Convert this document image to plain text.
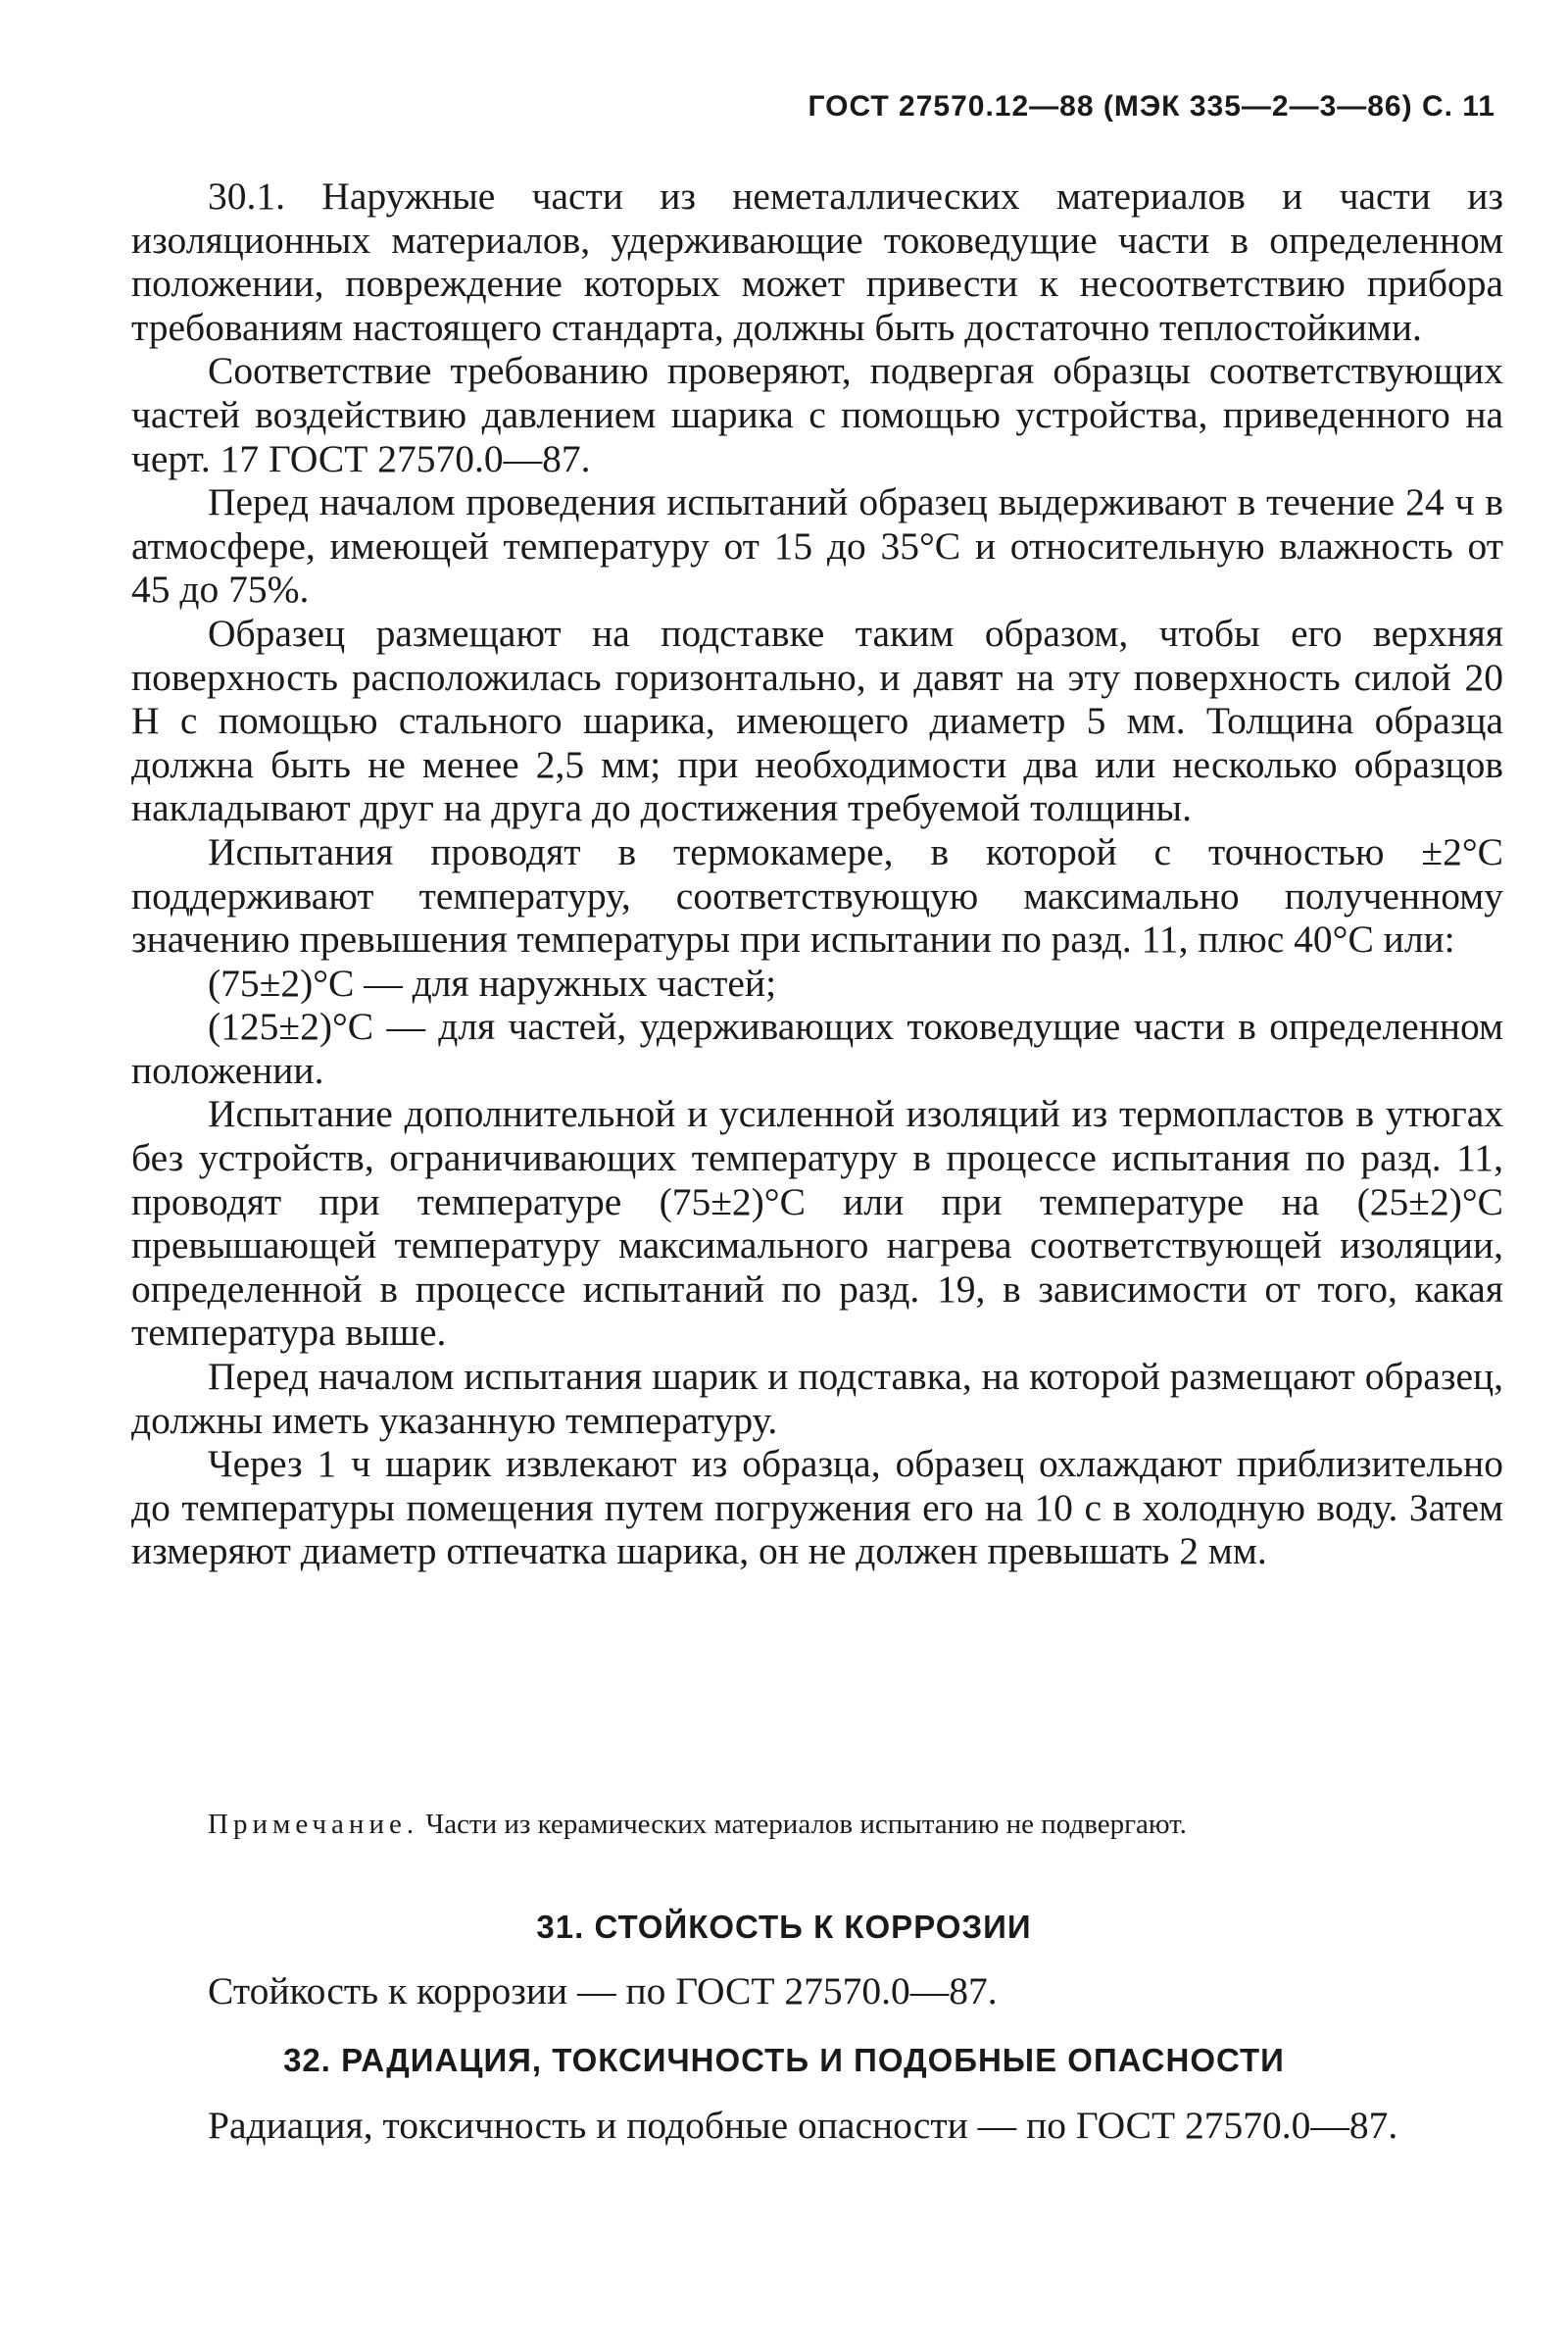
ГОСТ 27570.12—88 (МЭК 335—2—3—86) С. 11

30.1. Наружные части из неметаллических материалов и части из изоляционных материалов, удерживающие токоведущие части в определенном положении, повреждение которых может привести к несоответствию прибора требованиям настоящего стандарта, должны быть достаточно теплостойкими.

Соответствие требованию проверяют, подвергая образцы соответствующих частей воздействию давлением шарика с помощью устройства, приведенного на черт. 17 ГОСТ 27570.0—87.

Перед началом проведения испытаний образец выдерживают в течение 24 ч в атмосфере, имеющей температуру от 15 до 35°С и относительную влажность от 45 до 75%.

Образец размещают на подставке таким образом, чтобы его верхняя поверхность расположилась горизонтально, и давят на эту поверхность силой 20 Н с помощью стального шарика, имеющего диаметр 5 мм. Толщина образца должна быть не менее 2,5 мм; при необходимости два или несколько образцов накладывают друг на друга до достижения требуемой толщины.

Испытания проводят в термокамере, в которой с точностью ±2°С поддерживают температуру, соответствующую максимально полученному значению превышения температуры при испытании по разд. 11, плюс 40°С или:

(75±2)°С — для наружных частей;

(125±2)°С — для частей, удерживающих токоведущие части в определенном положении.

Испытание дополнительной и усиленной изоляций из термопластов в утюгах без устройств, ограничивающих температуру в процессе испытания по разд. 11, проводят при температуре (75±2)°С или при температуре на (25±2)°С превышающей температуру максимального нагрева соответствующей изоляции, определенной в процессе испытаний по разд. 19, в зависимости от того, какая температура выше.

Перед началом испытания шарик и подставка, на которой размещают образец, должны иметь указанную температуру.

Через 1 ч шарик извлекают из образца, образец охлаждают приблизительно до температуры помещения путем погружения его на 10 с в холодную воду. Затем измеряют диаметр отпечатка шарика, он не должен превышать 2 мм.

Примечание. Части из керамических материалов испытанию не подвергают.
31. СТОЙКОСТЬ К КОРРОЗИИ
Стойкость к коррозии — по ГОСТ 27570.0—87.
32. РАДИАЦИЯ, ТОКСИЧНОСТЬ И ПОДОБНЫЕ ОПАСНОСТИ
Радиация, токсичность и подобные опасности — по ГОСТ 27570.0—87.
